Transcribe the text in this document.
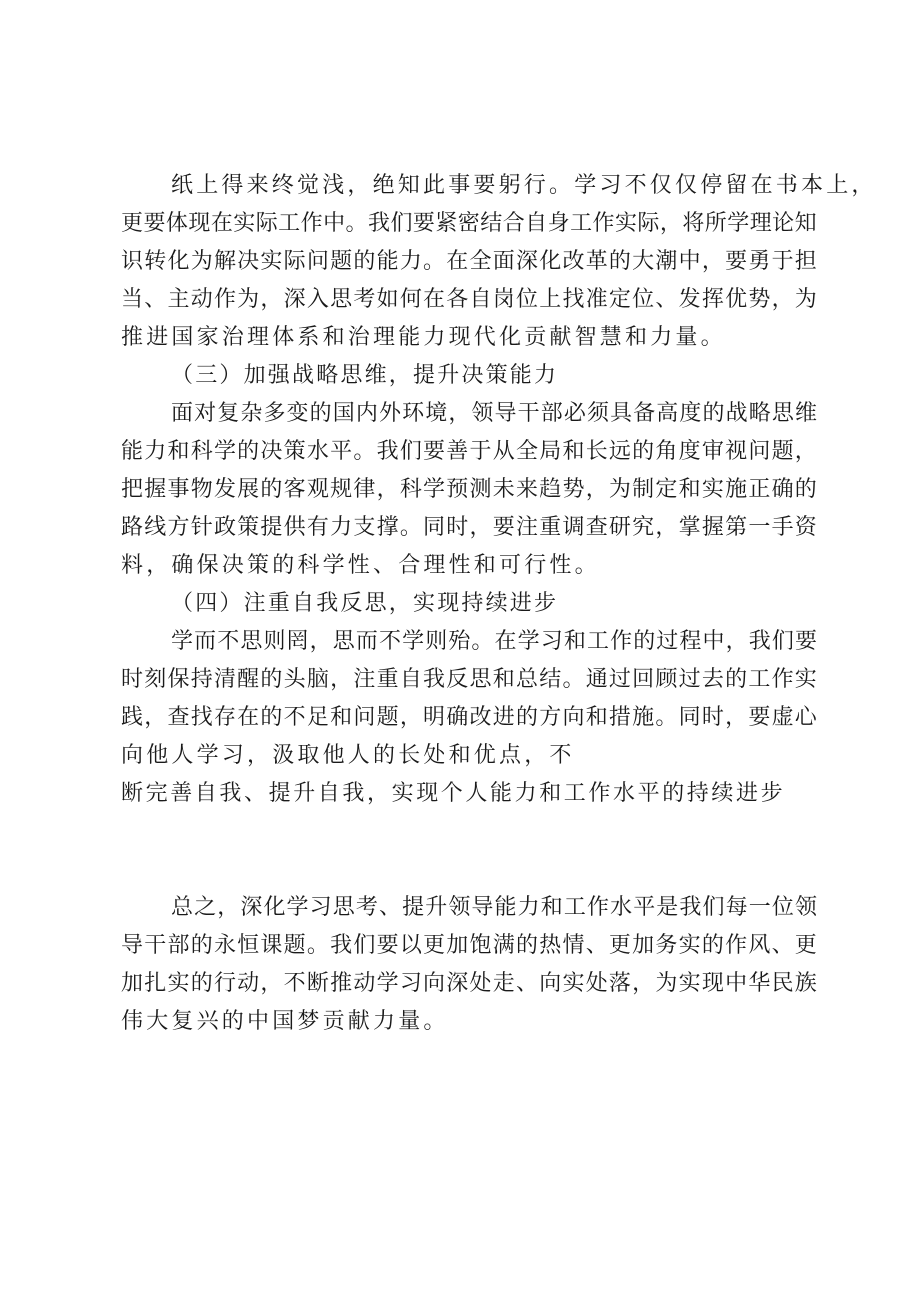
纸上得来终觉浅，绝知此事要躬行。学习不仅仅停留在书本上，
更 要 体 现 在 实 际 工 作 中 。 我 们 要 紧 密 结 合 自 身 工 作 实 际 ， 将 所 学 理 论 知
识 转 化 为 解 决 实 际 问 题 的 能 力 。 在 全 面 深 化 改 革 的 大 潮 中 ， 要 勇 于 担
当 、 主 动 作 为 ， 深 入 思 考 如 何 在 各 自 岗 位 上 找 准 定 位 、 发 挥 优 势 ， 为
推进国家治理体系和治理能力现代化贡献智慧和力量。
（三）加强战略思维，提升决策能力
面 对 复 杂 多 变 的 国 内 外 环 境 ， 领 导 干 部 必 须 具 备 高 度 的 战 略 思 维
能 力 和 科 学 的 决 策 水 平 。 我 们 要 善 于 从 全 局 和 长 远 的 角 度 审 视 问 题 ，
把 握 事 物 发 展 的 客 观 规 律 ， 科 学 预 测 未 来 趋 势 ， 为 制 定 和 实 施 正 确 的
路 线 方 针 政 策 提 供 有 力 支 撑 。 同 时 ， 要 注 重 调 查 研 究 ， 掌 握 第 一 手 资
料，确保决策的科学性、合理性和可行性。
（四）注重自我反思，实现持续进步
学 而 不 思 则 罔 ， 思 而 不 学 则 殆 。 在 学 习 和 工 作 的 过 程 中 ， 我 们 要
时 刻 保 持 清 醒 的 头 脑 ， 注 重 自 我 反 思 和 总 结 。 通 过 回 顾 过 去 的 工 作 实
践 ， 查 找 存 在 的 不 足 和 问 题 ， 明 确 改 进 的 方 向 和 措 施 。 同 时 ， 要 虚 心
向他人学习，汲取他人的长处和优点，不
断完善自我、提升自我，实现个人能力和工作水平的持续进步
总 之 ， 深 化 学 习 思 考 、 提 升 领 导 能 力 和 工 作 水 平 是 我 们 每 一 位 领
导 干 部 的 永 恒 课 题 。 我 们 要 以 更 加 饱 满 的 热 情 、 更 加 务 实 的 作 风 、 更
加 扎 实 的 行 动 ， 不 断 推 动 学 习 向 深 处 走 、 向 实 处 落 ， 为 实 现 中 华 民 族
伟大复兴的中国梦贡献力量。
